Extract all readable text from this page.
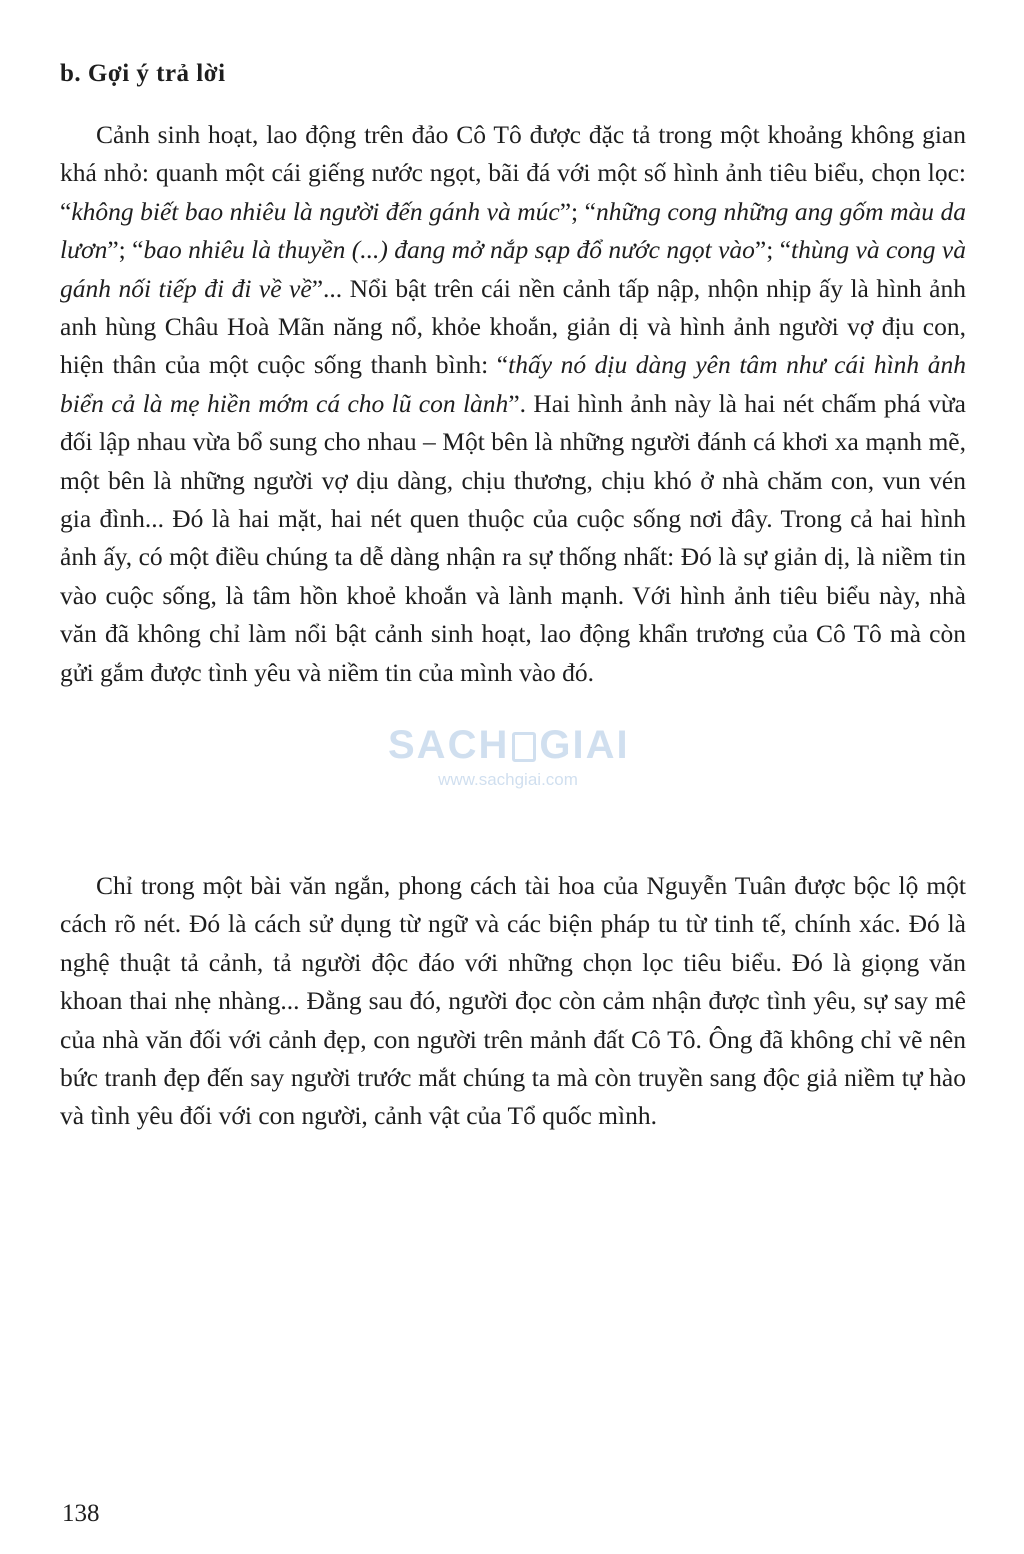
b. Gợi ý trả lời

Cảnh sinh hoạt, lao động trên đảo Cô Tô được đặc tả trong một khoảng không gian khá nhỏ: quanh một cái giếng nước ngọt, bãi đá với một số hình ảnh tiêu biểu, chọn lọc: “không biết bao nhiêu là người đến gánh và múc”; “những cong những ang gốm màu da lươn”; “bao nhiêu là thuyền (...) đang mở nắp sạp đổ nước ngọt vào”; “thùng và cong và gánh nối tiếp đi đi về về”... Nổi bật trên cái nền cảnh tấp nập, nhộn nhịp ấy là hình ảnh anh hùng Châu Hoà Mãn năng nổ, khỏe khoắn, giản dị và hình ảnh người vợ địu con, hiện thân của một cuộc sống thanh bình: “thấy nó dịu dàng yên tâm như cái hình ảnh biển cả là mẹ hiền mớm cá cho lũ con lành”. Hai hình ảnh này là hai nét chấm phá vừa đối lập nhau vừa bổ sung cho nhau – Một bên là những người đánh cá khơi xa mạnh mẽ, một bên là những người vợ dịu dàng, chịu thương, chịu khó ở nhà chăm con, vun vén gia đình... Đó là hai mặt, hai nét quen thuộc của cuộc sống nơi đây. Trong cả hai hình ảnh ấy, có một điều chúng ta dễ dàng nhận ra sự thống nhất: Đó là sự giản dị, là niềm tin vào cuộc sống, là tâm hồn khoẻ khoắn và lành mạnh. Với hình ảnh tiêu biểu này, nhà văn đã không chỉ làm nổi bật cảnh sinh hoạt, lao động khẩn trương của Cô Tô mà còn gửi gắm được tình yêu và niềm tin của mình vào đó.

Chỉ trong một bài văn ngắn, phong cách tài hoa của Nguyễn Tuân được bộc lộ một cách rõ nét. Đó là cách sử dụng từ ngữ và các biện pháp tu từ tinh tế, chính xác. Đó là nghệ thuật tả cảnh, tả người độc đáo với những chọn lọc tiêu biểu. Đó là giọng văn khoan thai nhẹ nhàng... Đằng sau đó, người đọc còn cảm nhận được tình yêu, sự say mê của nhà văn đối với cảnh đẹp, con người trên mảnh đất Cô Tô. Ông đã không chỉ vẽ nên bức tranh đẹp đến say người trước mắt chúng ta mà còn truyền sang độc giả niềm tự hào và tình yêu đối với con người, cảnh vật của Tổ quốc mình.

SACH GIAI
www.sachgiai.com
138
